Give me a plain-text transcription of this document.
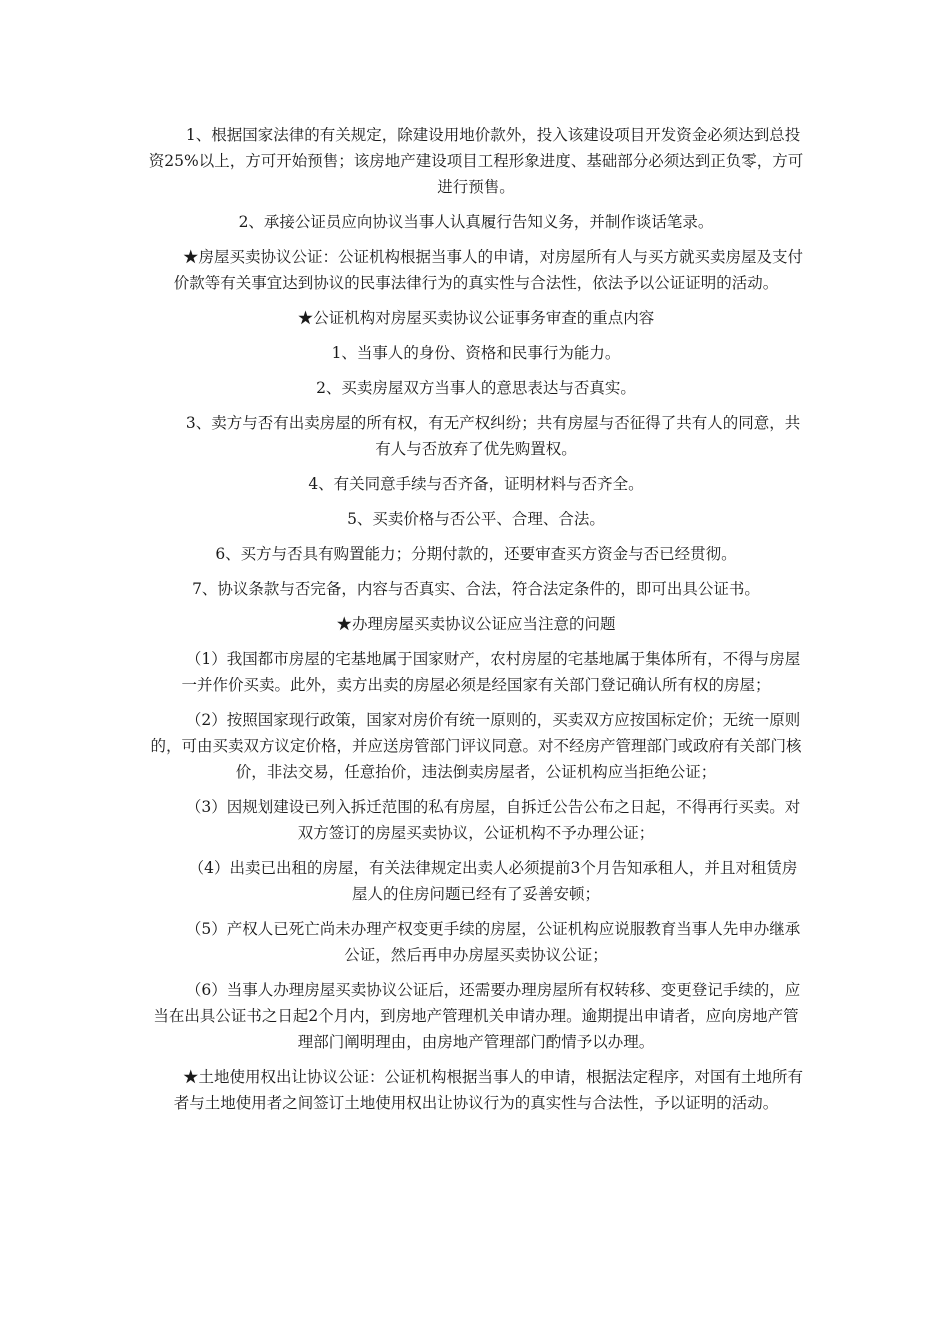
1、根据国家法律的有关规定，除建设用地价款外，投入该建设项目开发资金必须达到总投资25%以上，方可开始预售；该房地产建设项目工程形象进度、基础部分必须达到正负零，方可进行预售。

2、承接公证员应向协议当事人认真履行告知义务，并制作谈话笔录。

★房屋买卖协议公证：公证机构根据当事人的申请，对房屋所有人与买方就买卖房屋及支付价款等有关事宜达到协议的民事法律行为的真实性与合法性，依法予以公证证明的活动。

★公证机构对房屋买卖协议公证事务审查的重点内容

1、当事人的身份、资格和民事行为能力。

2、买卖房屋双方当事人的意思表达与否真实。

3、卖方与否有出卖房屋的所有权，有无产权纠纷；共有房屋与否征得了共有人的同意，共有人与否放弃了优先购置权。

4、有关同意手续与否齐备，证明材料与否齐全。

5、买卖价格与否公平、合理、合法。

6、买方与否具有购置能力；分期付款的，还要审查买方资金与否已经贯彻。

7、协议条款与否完备，内容与否真实、合法，符合法定条件的，即可出具公证书。

★办理房屋买卖协议公证应当注意的问题

（1）我国都市房屋的宅基地属于国家财产，农村房屋的宅基地属于集体所有，不得与房屋一并作价买卖。此外，卖方出卖的房屋必须是经国家有关部门登记确认所有权的房屋；

（2）按照国家现行政策，国家对房价有统一原则的，买卖双方应按国标定价；无统一原则的，可由买卖双方议定价格，并应送房管部门评议同意。对不经房产管理部门或政府有关部门核价，非法交易，任意抬价，违法倒卖房屋者，公证机构应当拒绝公证；

（3）因规划建设已列入拆迁范围的私有房屋，自拆迁公告公布之日起，不得再行买卖。对双方签订的房屋买卖协议，公证机构不予办理公证；

（4）出卖已出租的房屋，有关法律规定出卖人必须提前3个月告知承租人，并且对租赁房屋人的住房问题已经有了妥善安顿；

（5）产权人已死亡尚未办理产权变更手续的房屋，公证机构应说服教育当事人先申办继承公证，然后再申办房屋买卖协议公证；

（6）当事人办理房屋买卖协议公证后，还需要办理房屋所有权转移、变更登记手续的，应当在出具公证书之日起2个月内，到房地产管理机关申请办理。逾期提出申请者，应向房地产管理部门阐明理由，由房地产管理部门酌情予以办理。

★土地使用权出让协议公证：公证机构根据当事人的申请，根据法定程序，对国有土地所有者与土地使用者之间签订土地使用权出让协议行为的真实性与合法性，予以证明的活动。
